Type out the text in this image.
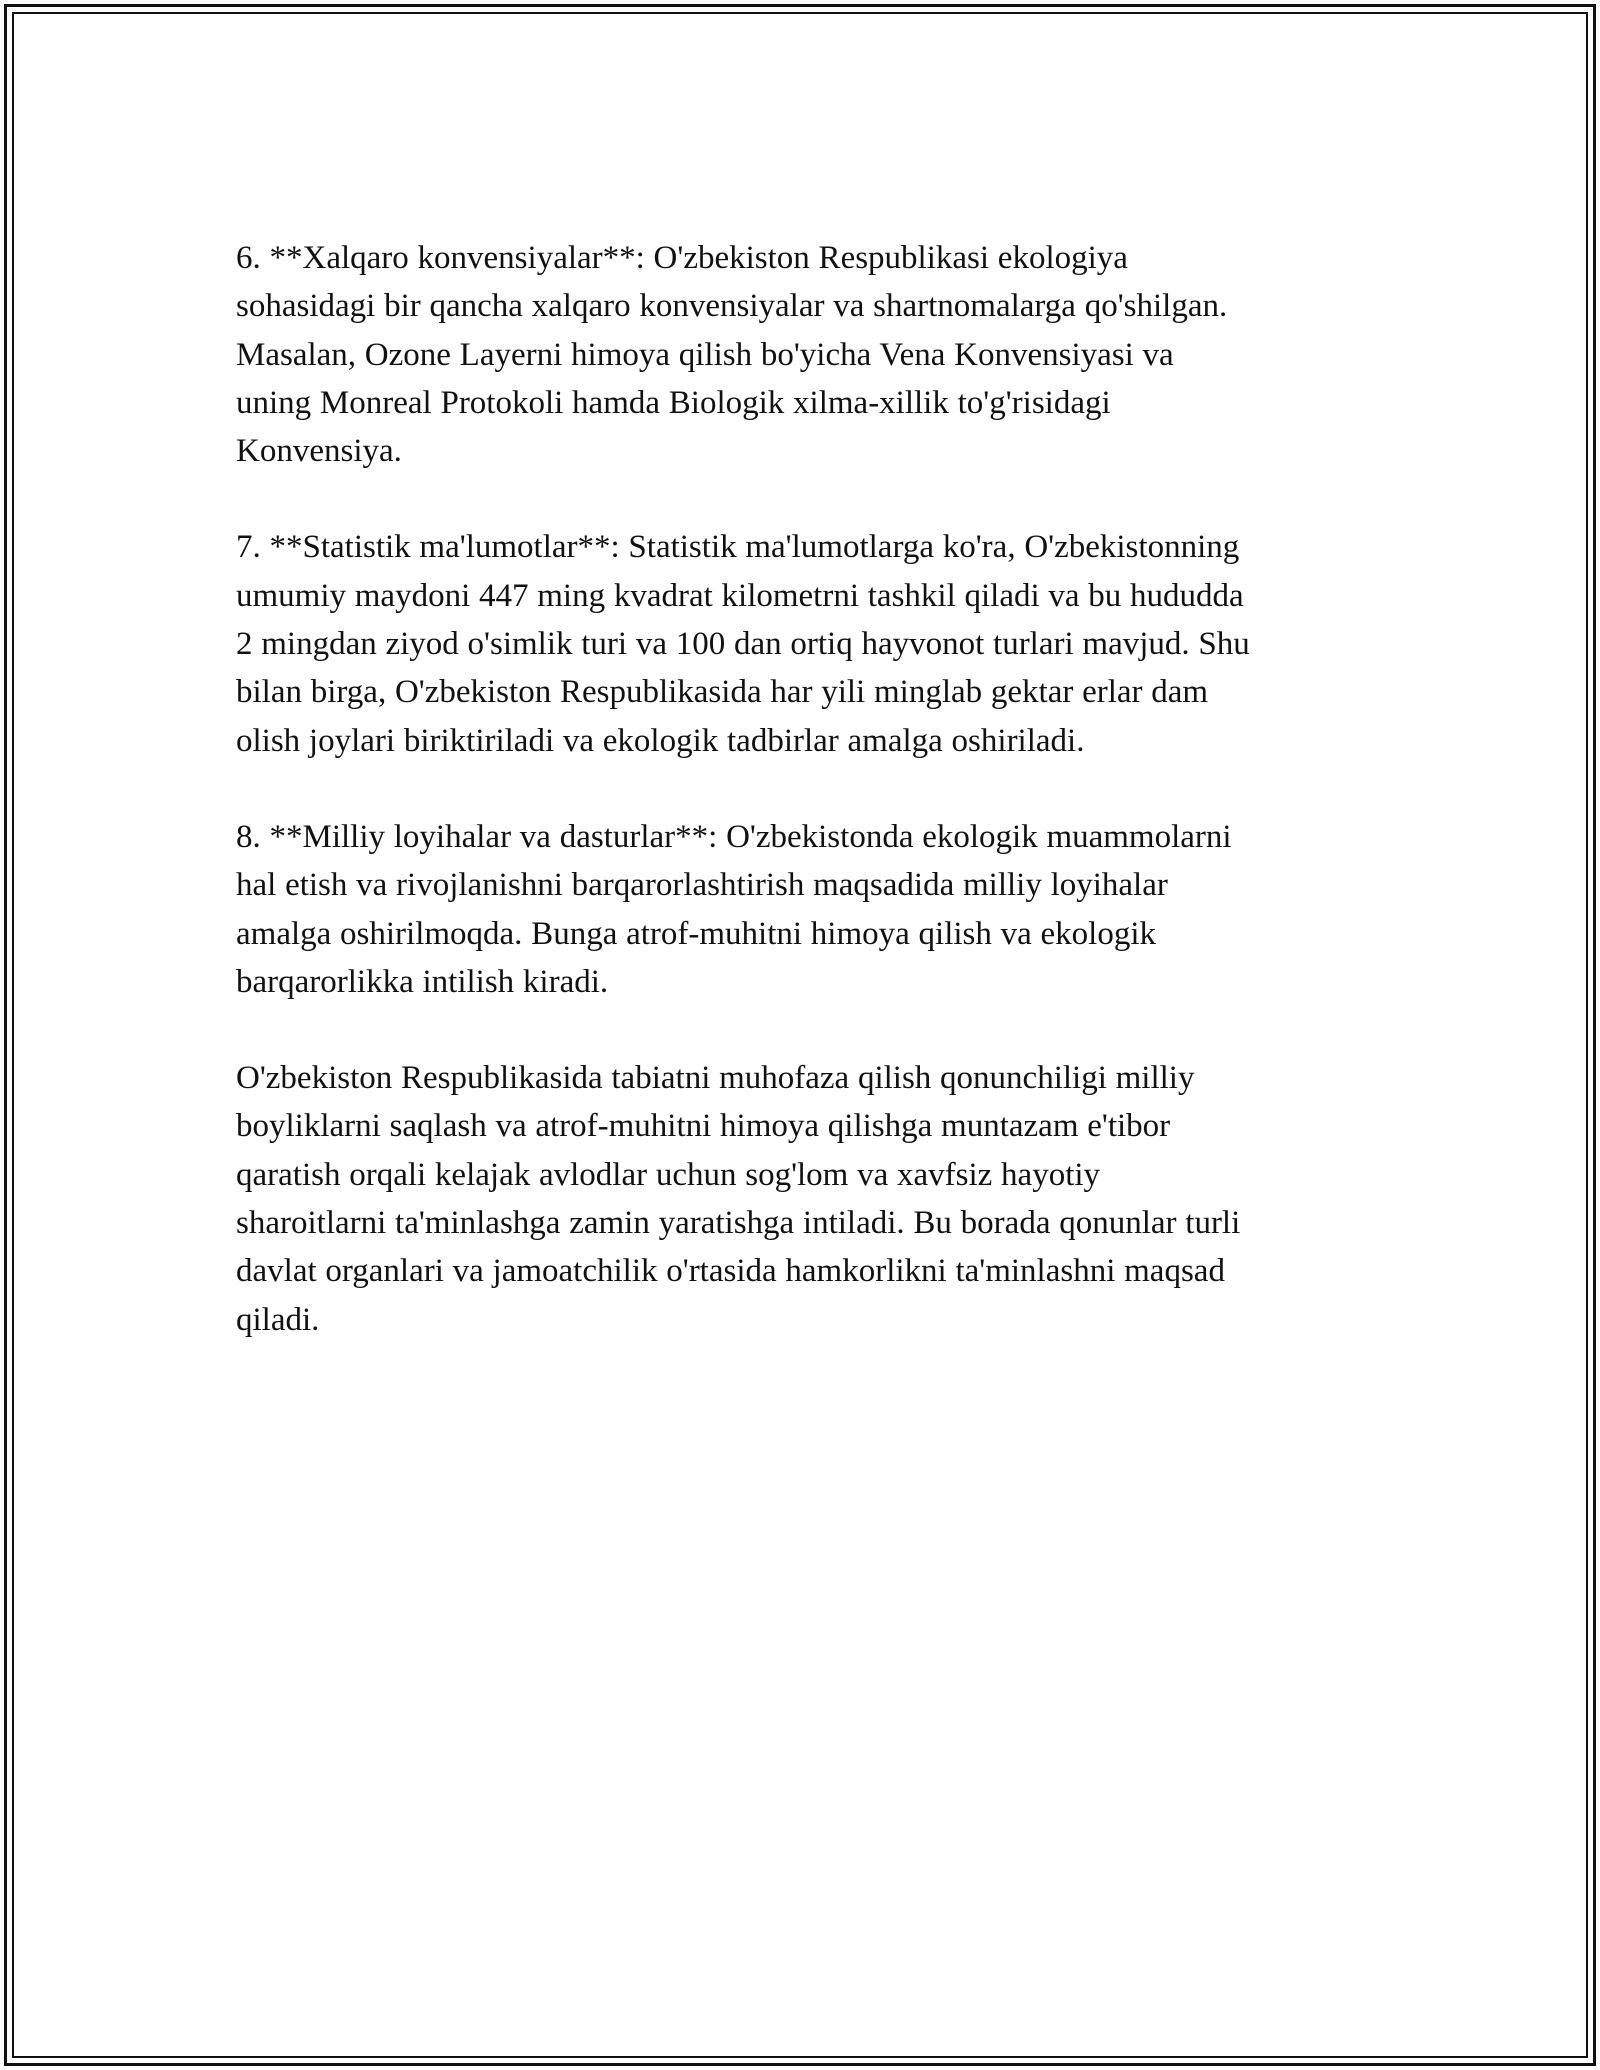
6. **Xalqaro konvensiyalar**: O'zbekiston Respublikasi ekologiya
sohasidagi bir qancha xalqaro konvensiyalar va shartnomalarga qo'shilgan.
Masalan, Ozone Layerni himoya qilish bo'yicha Vena Konvensiyasi va
uning Monreal Protokoli hamda Biologik xilma-xillik to'g'risidagi
Konvensiya.

7. **Statistik ma'lumotlar**: Statistik ma'lumotlarga ko'ra, O'zbekistonning
umumiy maydoni 447 ming kvadrat kilometrni tashkil qiladi va bu hududda
2 mingdan ziyod o'simlik turi va 100 dan ortiq hayvonot turlari mavjud. Shu
bilan birga, O'zbekiston Respublikasida har yili minglab gektar erlar dam
olish joylari biriktiriladi va ekologik tadbirlar amalga oshiriladi.

8. **Milliy loyihalar va dasturlar**: O'zbekistonda ekologik muammolarni
hal etish va rivojlanishni barqarorlashtirish maqsadida milliy loyihalar
amalga oshirilmoqda. Bunga atrof-muhitni himoya qilish va ekologik
barqarorlikka intilish kiradi.

O'zbekiston Respublikasida tabiatni muhofaza qilish qonunchiligi milliy
boyliklarni saqlash va atrof-muhitni himoya qilishga muntazam e'tibor
qaratish orqali kelajak avlodlar uchun sog'lom va xavfsiz hayotiy
sharoitlarni ta'minlashga zamin yaratishga intiladi. Bu borada qonunlar turli
davlat organlari va jamoatchilik o'rtasida hamkorlikni ta'minlashni maqsad
qiladi.
